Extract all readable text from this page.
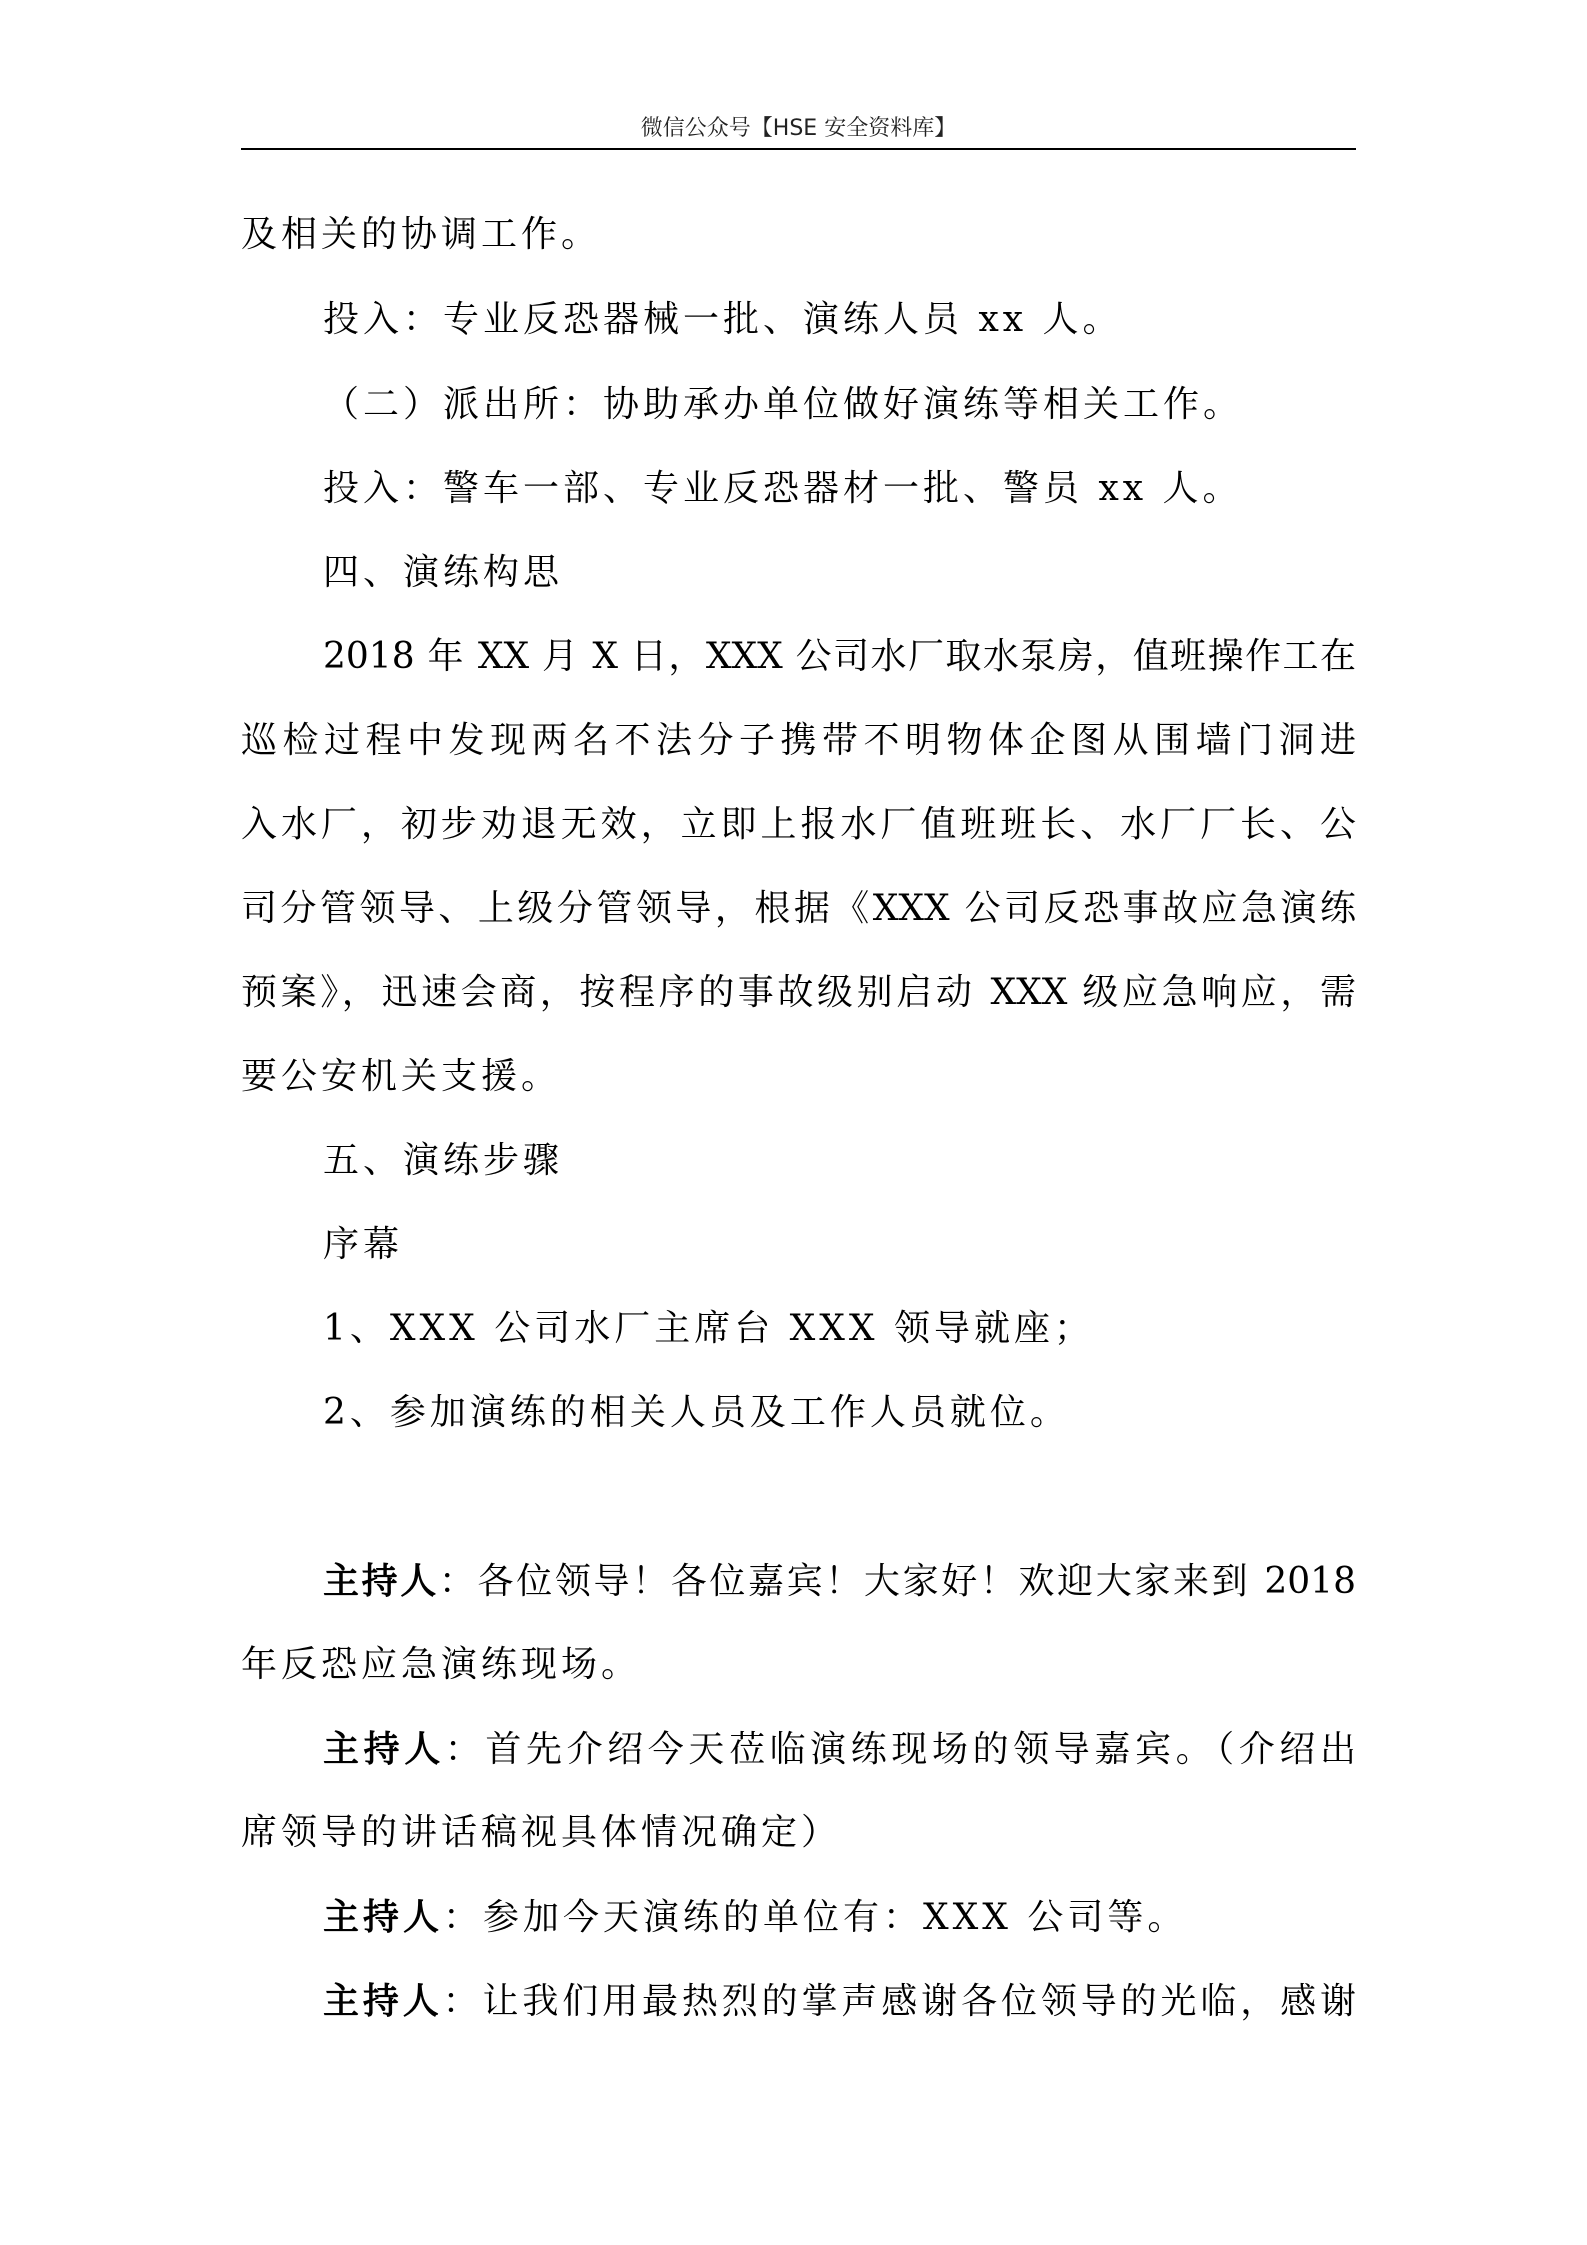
微信公众号【HSE 安全资料库】
及相关的协调工作。
投入：专业反恐器械一批、演练人员 xx 人。
（二）派出所：协助承办单位做好演练等相关工作。
投入：警车一部、专业反恐器材一批、警员 xx 人。
四、演练构思
2018 年 XX 月 X 日，XXX 公司水厂取水泵房，值班操作工在
巡检过程中发现两名不法分子携带不明物体企图从围墙门洞进
入水厂，初步劝退无效，立即上报水厂值班班长、水厂厂长、公
司分管领导、上级分管领导，根据《XXX 公司反恐事故应急演练
预案》，迅速会商，按程序的事故级别启动 XXX 级应急响应，需
要公安机关支援。
五、演练步骤
序幕
1、XXX 公司水厂主席台 XXX 领导就座；
2、参加演练的相关人员及工作人员就位。
主持人：各位领导！各位嘉宾！大家好！欢迎大家来到 2018
年反恐应急演练现场。
主持人：首先介绍今天莅临演练现场的领导嘉宾。（介绍出
席领导的讲话稿视具体情况确定）
主持人：参加今天演练的单位有：XXX 公司等。
主持人：让我们用最热烈的掌声感谢各位领导的光临，感谢
